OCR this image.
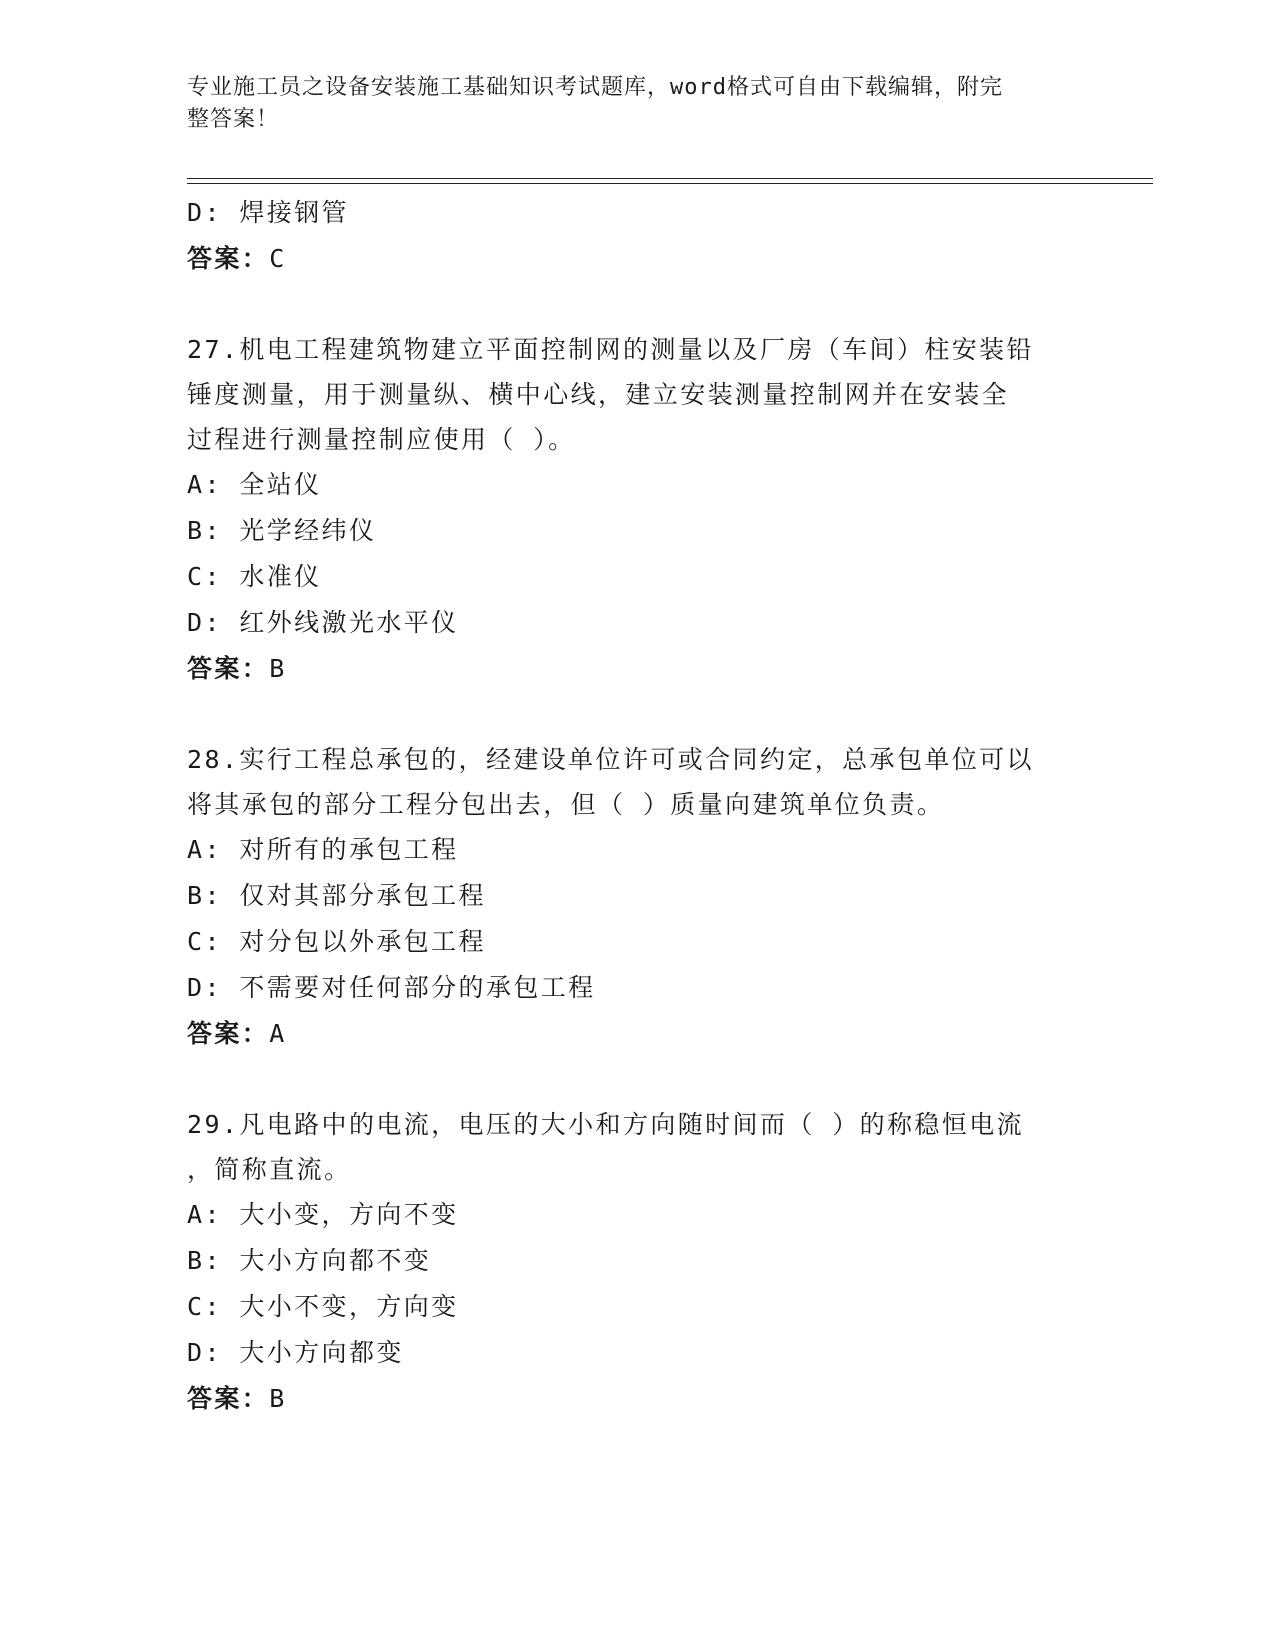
专业施工员之设备安装施工基础知识考试题库，word格式可自由下载编辑，附完
整答案！
D: 焊接钢管
答案：C
27.机电工程建筑物建立平面控制网的测量以及厂房（车间）柱安装铅
锤度测量，用于测量纵、横中心线，建立安装测量控制网并在安装全
过程进行测量控制应使用（ ）。
A: 全站仪
B: 光学经纬仪
C: 水准仪
D: 红外线激光水平仪
答案：B
28.实行工程总承包的，经建设单位许可或合同约定，总承包单位可以
将其承包的部分工程分包出去，但（ ）质量向建筑单位负责。
A: 对所有的承包工程
B: 仅对其部分承包工程
C: 对分包以外承包工程
D: 不需要对任何部分的承包工程
答案：A
29.凡电路中的电流，电压的大小和方向随时间而（ ）的称稳恒电流
，简称直流。
A: 大小变，方向不变
B: 大小方向都不变
C: 大小不变，方向变
D: 大小方向都变
答案：B
